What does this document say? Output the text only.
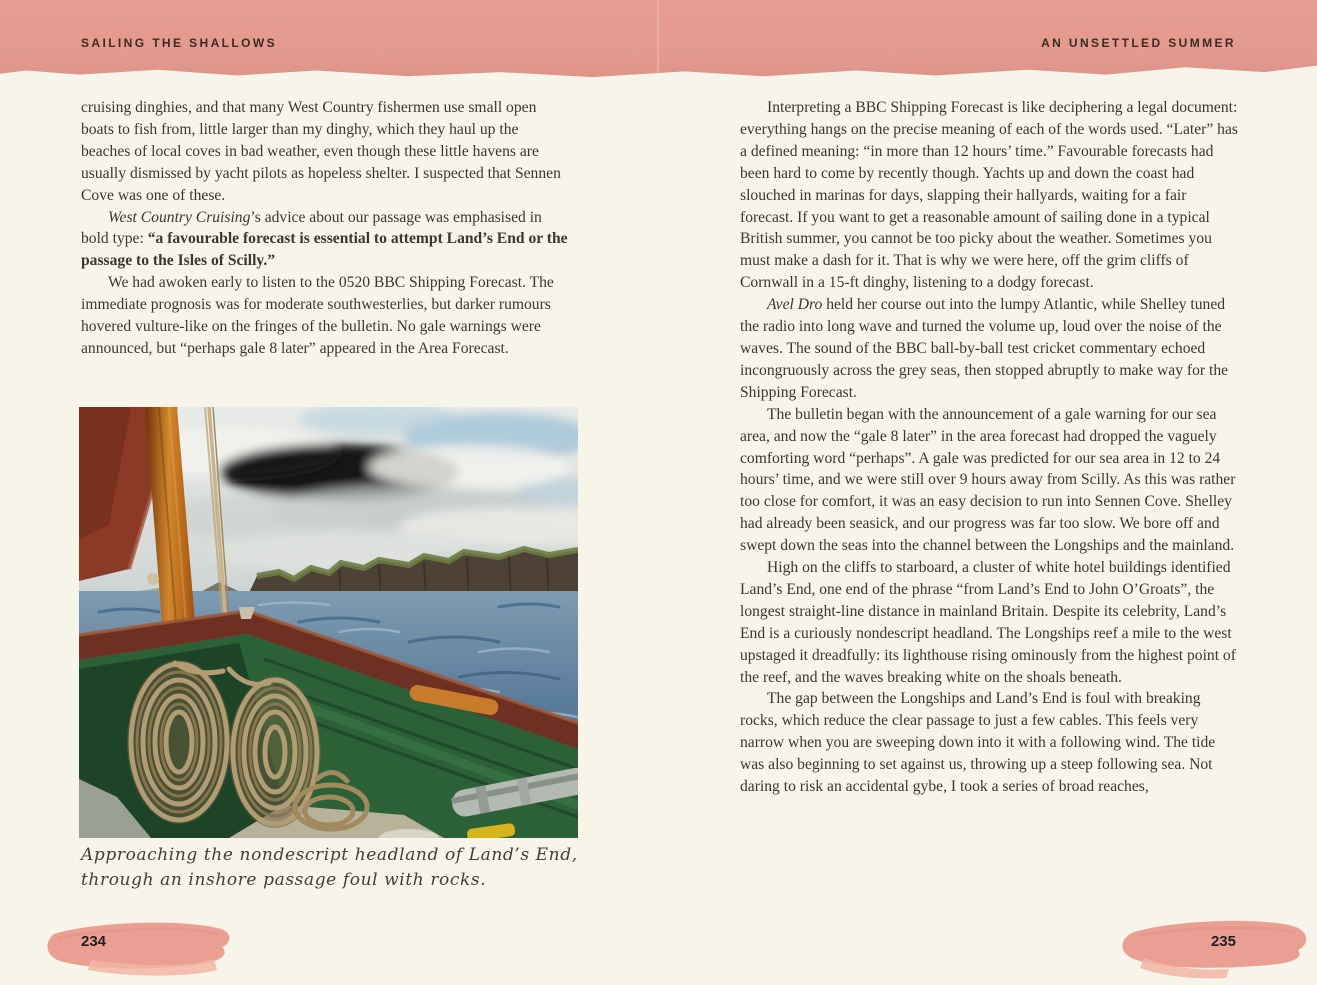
SAILING THE SHALLOWS	AN UNSETTLED SUMMER

cruising dinghies, and that many West Country fishermen use small open boats to fish from, little larger than my dinghy, which they haul up the beaches of local coves in bad weather, even though these little havens are usually dismissed by yacht pilots as hopeless shelter. I suspected that Sennen Cove was one of these.

West Country Cruising’s advice about our passage was emphasised in bold type: “a favourable forecast is essential to attempt Land’s End or the passage to the Isles of Scilly.”

We had awoken early to listen to the 0520 BBC Shipping Forecast. The immediate prognosis was for moderate southwesterlies, but darker rumours hovered vulture-like on the fringes of the bulletin. No gale warnings were announced, but “perhaps gale 8 later” appeared in the Area Forecast.

Approaching the nondescript headland of Land’s End,
through an inshore passage foul with rocks.

Interpreting a BBC Shipping Forecast is like deciphering a legal document: everything hangs on the precise meaning of each of the words used. “Later” has a defined meaning: “in more than 12 hours’ time.” Favourable forecasts had been hard to come by recently though. Yachts up and down the coast had slouched in marinas for days, slapping their hallyards, waiting for a fair forecast. If you want to get a reasonable amount of sailing done in a typical British summer, you cannot be too picky about the weather. Sometimes you must make a dash for it. That is why we were here, off the grim cliffs of Cornwall in a 15-ft dinghy, listening to a dodgy forecast.

Avel Dro held her course out into the lumpy Atlantic, while Shelley tuned the radio into long wave and turned the volume up, loud over the noise of the waves. The sound of the BBC ball-by-ball test cricket commentary echoed incongruously across the grey seas, then stopped abruptly to make way for the Shipping Forecast.

The bulletin began with the announcement of a gale warning for our sea area, and now the “gale 8 later” in the area forecast had dropped the vaguely comforting word “perhaps”. A gale was predicted for our sea area in 12 to 24 hours’ time, and we were still over 9 hours away from Scilly. As this was rather too close for comfort, it was an easy decision to run into Sennen Cove. Shelley had already been seasick, and our progress was far too slow. We bore off and swept down the seas into the channel between the Longships and the mainland.

High on the cliffs to starboard, a cluster of white hotel buildings identified Land’s End, one end of the phrase “from Land’s End to John O’Groats”, the longest straight-line distance in mainland Britain. Despite its celebrity, Land’s End is a curiously nondescript headland. The Longships reef a mile to the west upstaged it dreadfully: its lighthouse rising ominously from the highest point of the reef, and the waves breaking white on the shoals beneath.

The gap between the Longships and Land’s End is foul with breaking rocks, which reduce the clear passage to just a few cables. This feels very narrow when you are sweeping down into it with a following wind. The tide was also beginning to set against us, throwing up a steep following sea. Not daring to risk an accidental gybe, I took a series of broad reaches,

234	235
